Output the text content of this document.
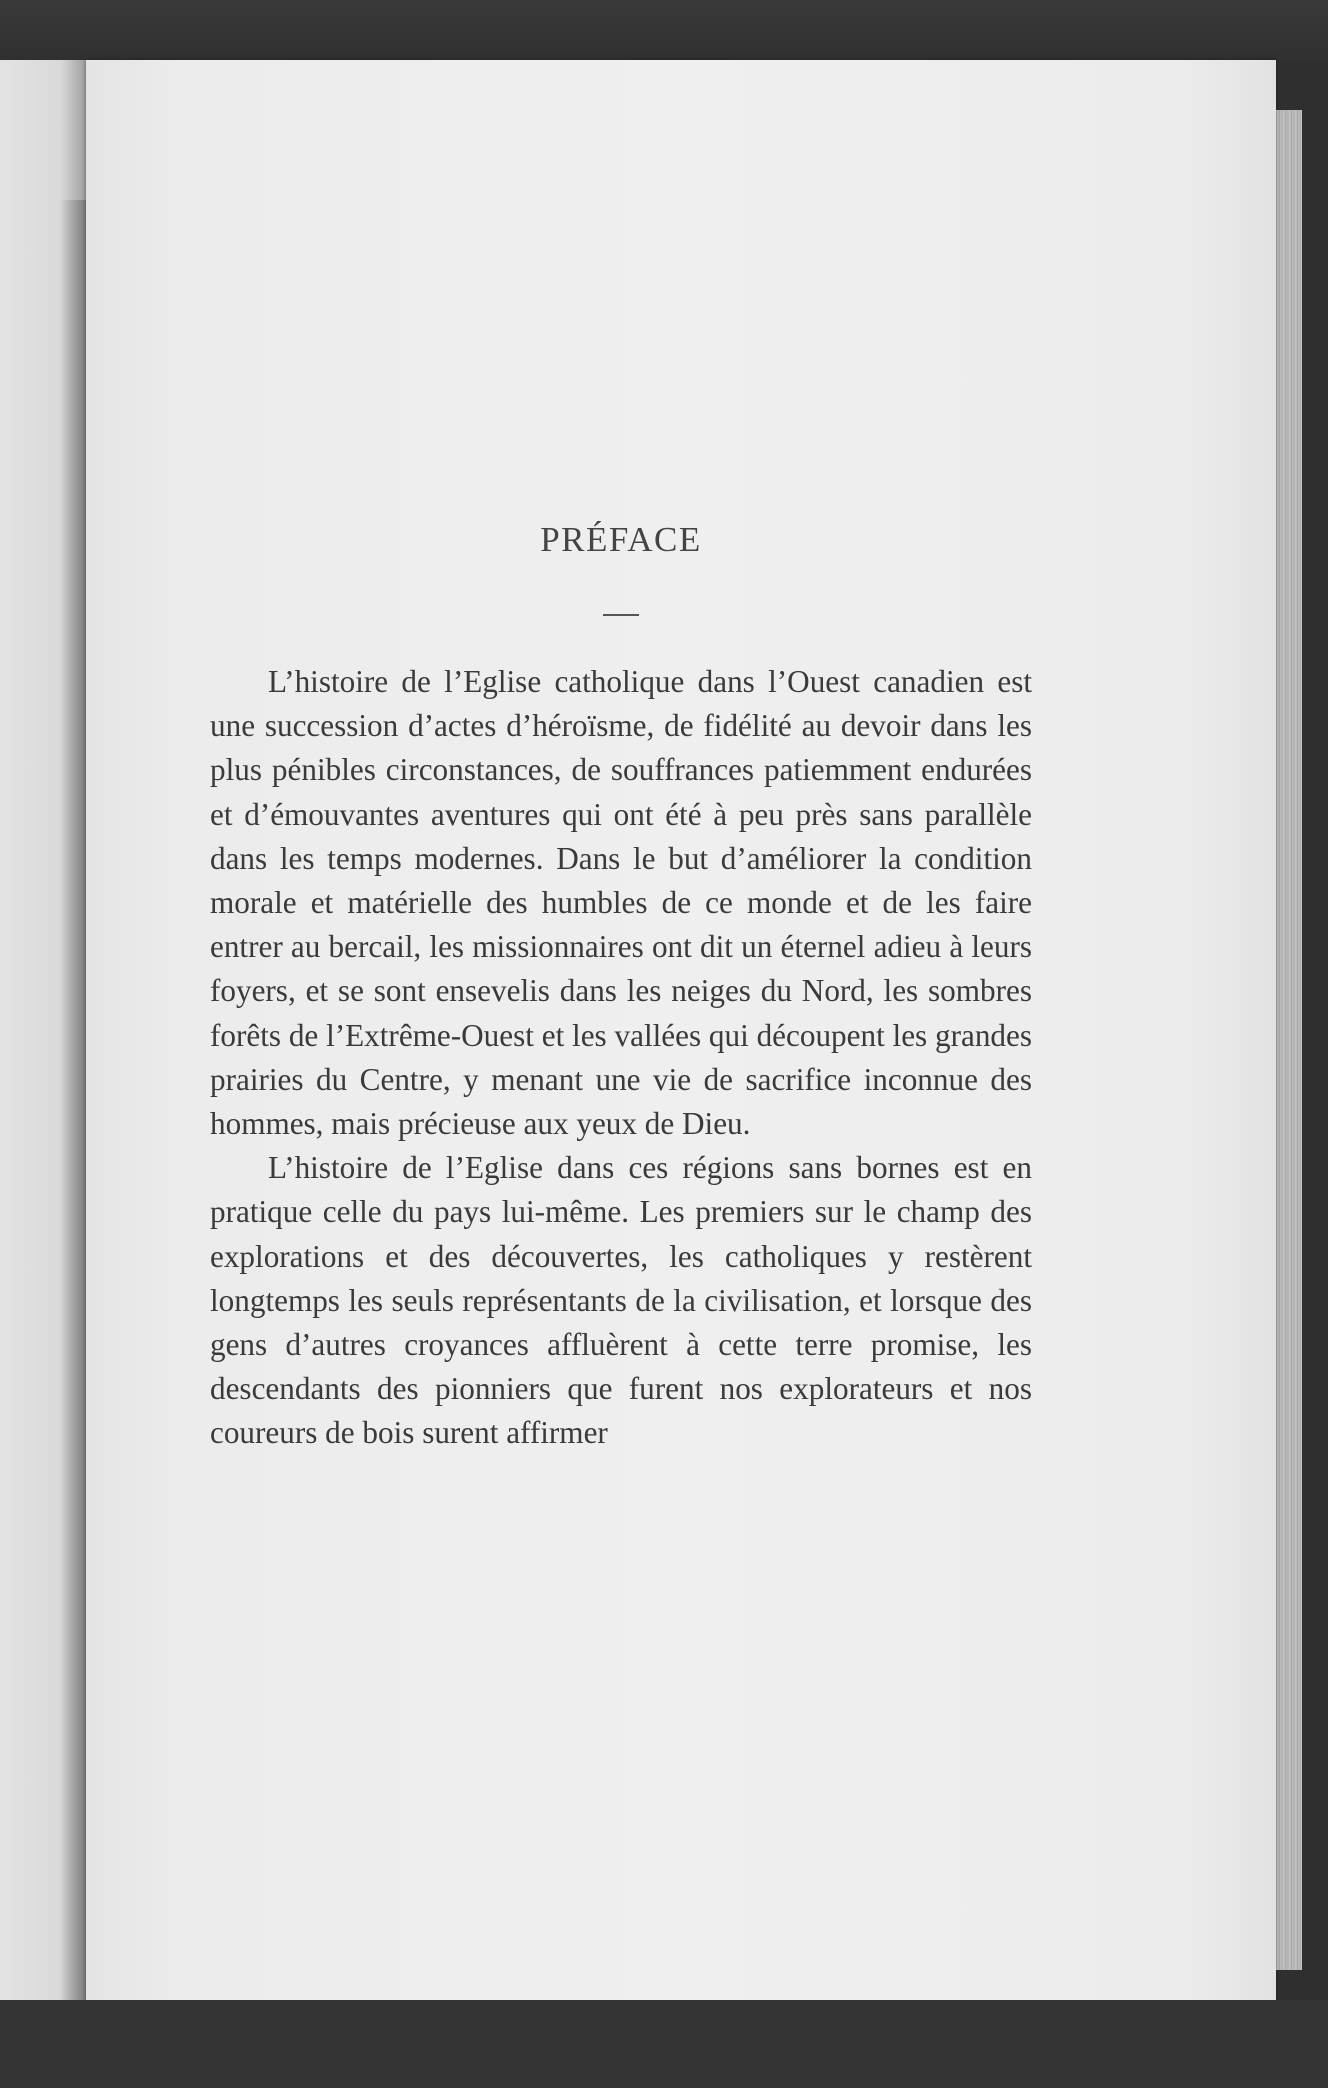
PRÉFACE

L’histoire de l’Eglise catholique dans l’Ouest canadien est une succession d’actes d’héroïsme, de fidélité au devoir dans les plus pénibles circonstances, de souffrances patiemment endurées et d’émouvantes aventures qui ont été à peu près sans parallèle dans les temps modernes. Dans le but d’améliorer la condition morale et matérielle des humbles de ce monde et de les faire entrer au bercail, les missionnaires ont dit un éternel adieu à leurs foyers, et se sont ensevelis dans les neiges du Nord, les sombres forêts de l’Extrême-Ouest et les vallées qui découpent les grandes prairies du Centre, y menant une vie de sacrifice inconnue des hommes, mais précieuse aux yeux de Dieu.

L’histoire de l’Eglise dans ces régions sans bornes est en pratique celle du pays lui-même. Les premiers sur le champ des explorations et des découvertes, les catholiques y restèrent longtemps les seuls représentants de la civilisation, et lorsque des gens d’autres croyances affluèrent à cette terre promise, les descendants des pionniers que furent nos explorateurs et nos coureurs de bois surent affirmer
